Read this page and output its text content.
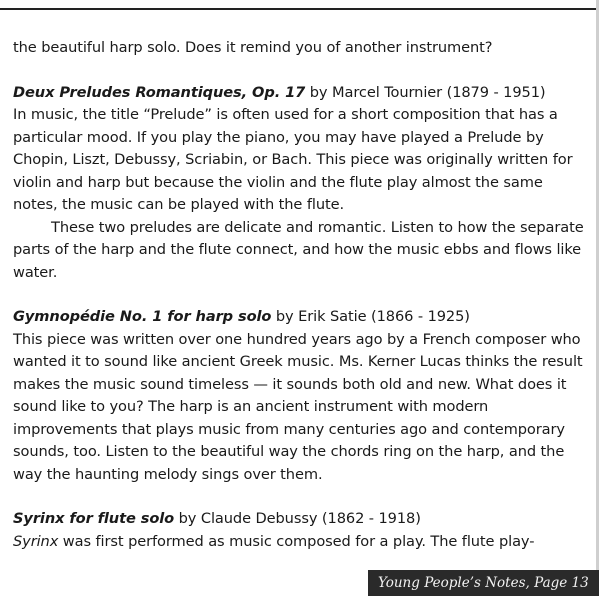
the beautiful harp solo. Does it remind you of another instrument?

Deux Preludes Romantiques, Op. 17 by Marcel Tournier (1879 - 1951)

In music, the title “Prelude” is often used for a short composition that has a particular mood. If you play the piano, you may have played a Prelude by Chopin, Liszt, Debussy, Scriabin, or Bach. This piece was originally written for violin and harp but because the violin and the flute play almost the same notes, the music can be played with the flute.

These two preludes are delicate and romantic. Listen to how the separate parts of the harp and the flute connect, and how the music ebbs and flows like water.

Gymnopédie No. 1 for harp solo by Erik Satie (1866 - 1925)

This piece was written over one hundred years ago by a French composer who wanted it to sound like ancient Greek music. Ms. Kerner Lucas thinks the result makes the music sound timeless — it sounds both old and new. What does it sound like to you? The harp is an ancient instrument with modern improvements that plays music from many centuries ago and contemporary sounds, too. Listen to the beautiful way the chords ring on the harp, and the way the haunting melody sings over them.

Syrinx for flute solo by Claude Debussy (1862 - 1918)

Syrinx was first performed as music composed for a play. The flute play-

Young People’s Notes, Page 13
